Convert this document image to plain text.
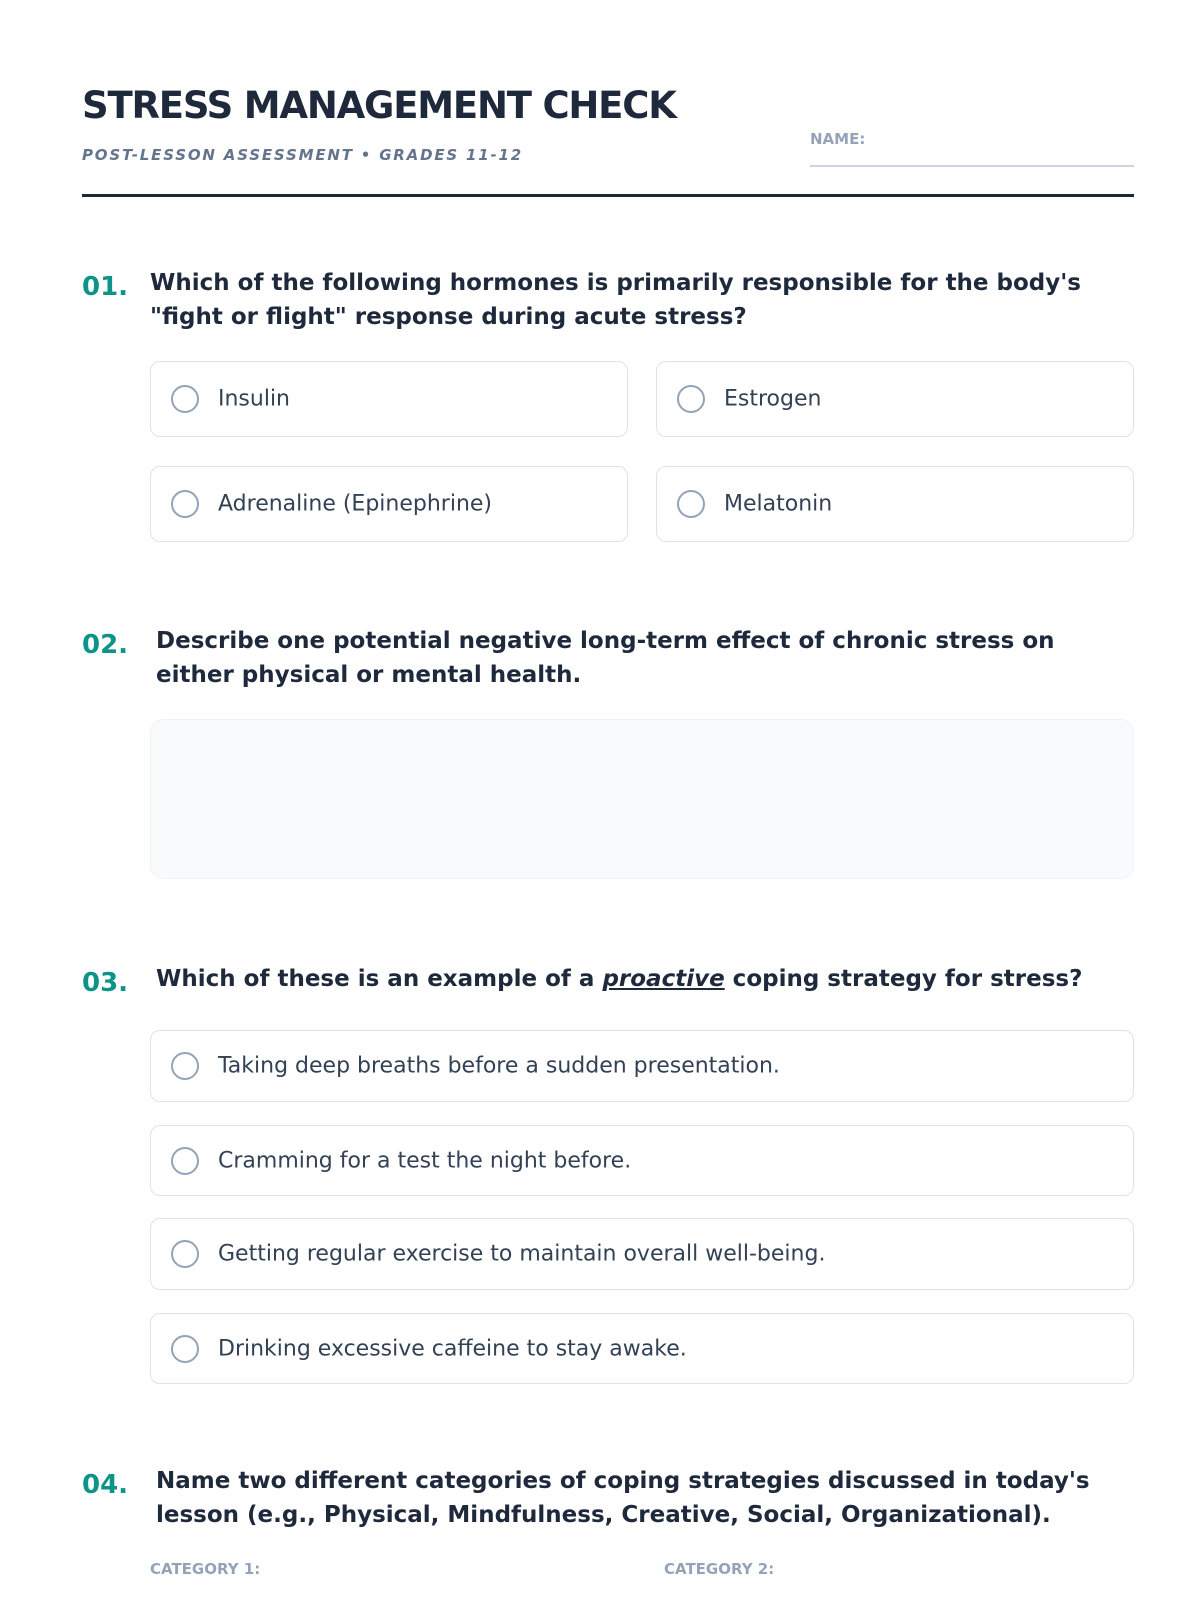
STRESS MANAGEMENT CHECK
POST-LESSON ASSESSMENT • GRADES 11-12
NAME:
01. Which of the following hormones is primarily responsible for the body's
"fight or flight" response during acute stress?
Insulin	Estrogen
Adrenaline (Epinephrine)	Melatonin
02. Describe one potential negative long-term effect of chronic stress on
either physical or mental health.
03. Which of these is an example of a proactive coping strategy for stress?
Taking deep breaths before a sudden presentation.
Cramming for a test the night before.
Getting regular exercise to maintain overall well-being.
Drinking excessive caffeine to stay awake.
04. Name two different categories of coping strategies discussed in today's
lesson (e.g., Physical, Mindfulness, Creative, Social, Organizational).
CATEGORY 1:	CATEGORY 2:
